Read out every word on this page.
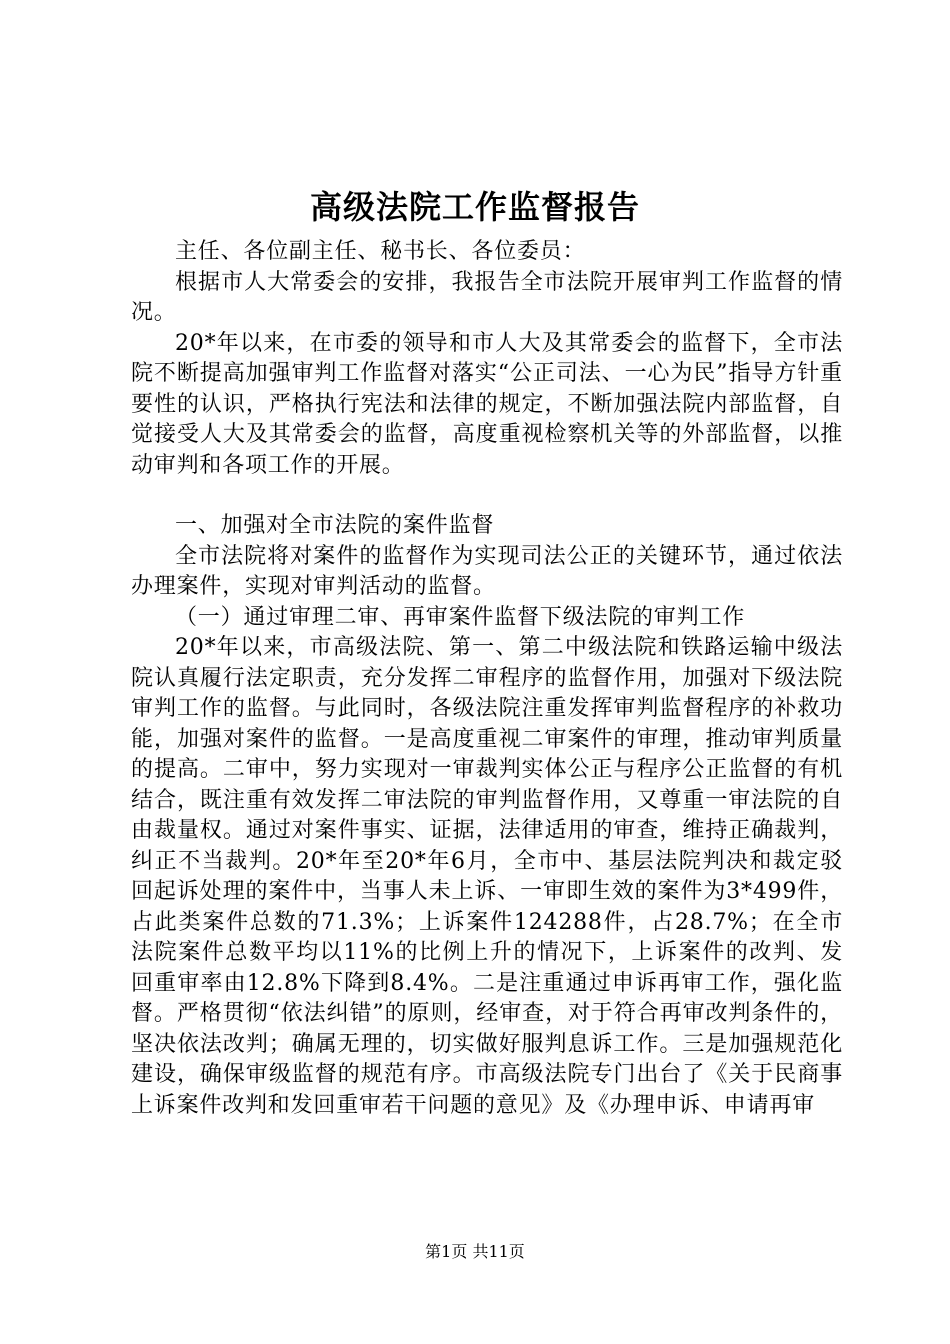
高级法院工作监督报告

主任、各位副主任、秘书长、各位委员：

根据市人大常委会的安排，我报告全市法院开展审判工作监督的情况。

20*年以来，在市委的领导和市人大及其常委会的监督下，全市法院不断提高加强审判工作监督对落实“公正司法、一心为民”指导方针重要性的认识，严格执行宪法和法律的规定，不断加强法院内部监督，自觉接受人大及其常委会的监督，高度重视检察机关等的外部监督，以推动审判和各项工作的开展。

一、加强对全市法院的案件监督

全市法院将对案件的监督作为实现司法公正的关键环节，通过依法办理案件，实现对审判活动的监督。

（一）通过审理二审、再审案件监督下级法院的审判工作

20*年以来，市高级法院、第一、第二中级法院和铁路运输中级法院认真履行法定职责，充分发挥二审程序的监督作用，加强对下级法院审判工作的监督。与此同时，各级法院注重发挥审判监督程序的补救功能，加强对案件的监督。一是高度重视二审案件的审理，推动审判质量的提高。二审中，努力实现对一审裁判实体公正与程序公正监督的有机结合，既注重有效发挥二审法院的审判监督作用，又尊重一审法院的自由裁量权。通过对案件事实、证据，法律适用的审查，维持正确裁判，纠正不当裁判。20*年至20*年6月，全市中、基层法院判决和裁定驳回起诉处理的案件中，当事人未上诉、一审即生效的案件为3*499件，占此类案件总数的71.3%；上诉案件124288件，占28.7%；在全市法院案件总数平均以11%的比例上升的情况下，上诉案件的改判、发回重审率由12.8%下降到8.4%。二是注重通过申诉再审工作，强化监督。严格贯彻“依法纠错”的原则，经审查，对于符合再审改判条件的，坚决依法改判；确属无理的，切实做好服判息诉工作。三是加强规范化建设，确保审级监督的规范有序。市高级法院专门出台了《关于民商事上诉案件改判和发回重审若干问题的意见》及《办理申诉、申请再审

第1页 共11页
